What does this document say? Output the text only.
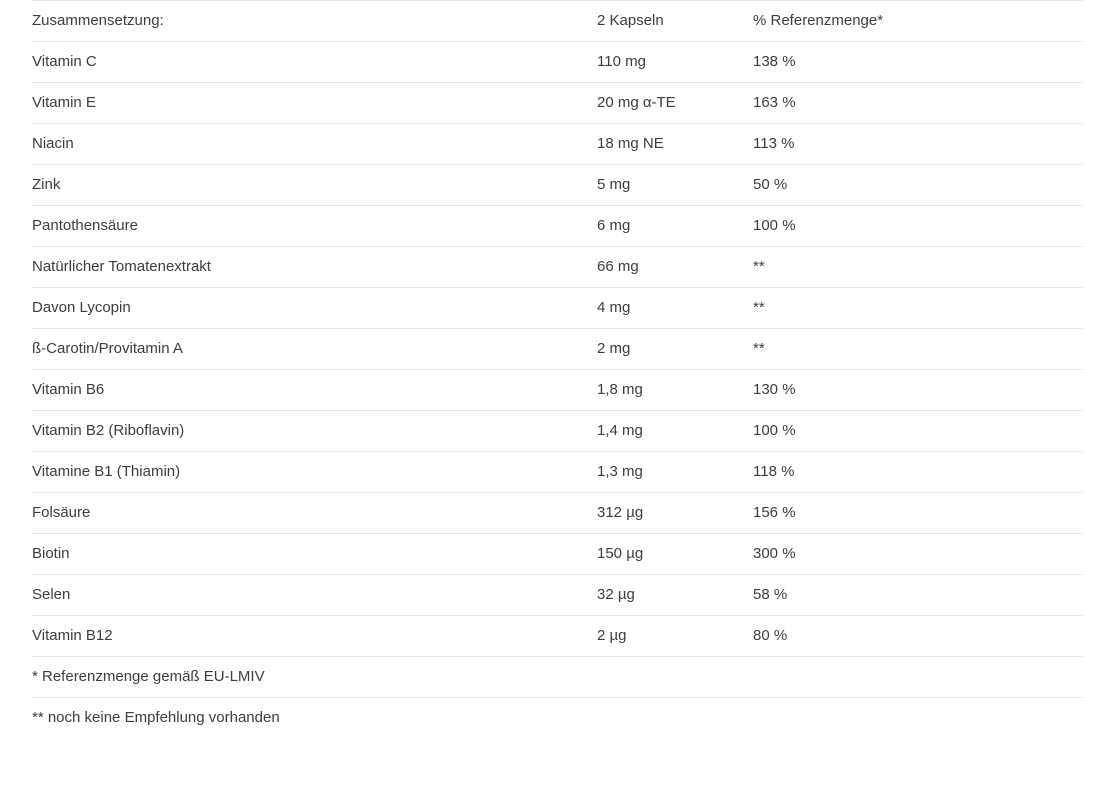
Zusammensetzung:	2 Kapseln	% Referenzmenge*
Vitamin C	110 mg	138 %
Vitamin E	20 mg α-TE	163 %
Niacin	18 mg NE	113 %
Zink	5 mg	50 %
Pantothensäure	6 mg	100 %
Natürlicher Tomatenextrakt	66 mg	**
Davon Lycopin	4 mg	**
ß-Carotin/Provitamin A	2 mg	**
Vitamin B6	1,8 mg	130 %
Vitamin B2 (Riboflavin)	1,4 mg	100 %
Vitamine B1 (Thiamin)	1,3 mg	118 %
Folsäure	312 µg	156 %
Biotin	150 µg	300 %
Selen	32 µg	58 %
Vitamin B12	2 µg	80 %
* Referenzmenge gemäß EU-LMIV		
** noch keine Empfehlung vorhanden		
